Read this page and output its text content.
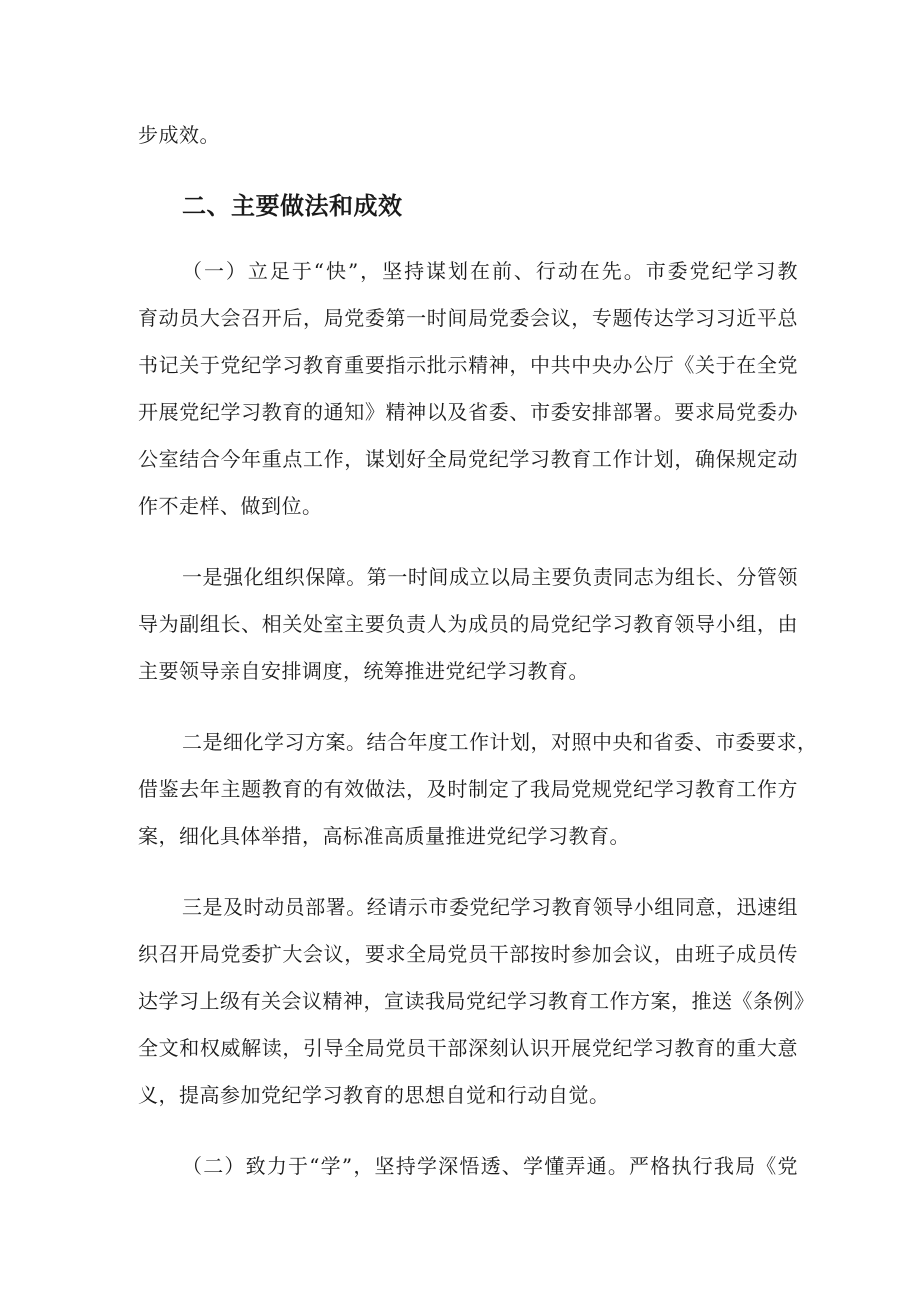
步成效。
二、主要做法和成效
（一）立足于“快”，坚持谋划在前、行动在先。市委党纪学习教
育动员大会召开后，局党委第一时间局党委会议，专题传达学习习近平总
书记关于党纪学习教育重要指示批示精神，中共中央办公厅《关于在全党
开展党纪学习教育的通知》精神以及省委、市委安排部署。要求局党委办
公室结合今年重点工作，谋划好全局党纪学习教育工作计划，确保规定动
作不走样、做到位。
一是强化组织保障。第一时间成立以局主要负责同志为组长、分管领
导为副组长、相关处室主要负责人为成员的局党纪学习教育领导小组，由
主要领导亲自安排调度，统筹推进党纪学习教育。
二是细化学习方案。结合年度工作计划，对照中央和省委、市委要求，
借鉴去年主题教育的有效做法，及时制定了我局党规党纪学习教育工作方
案，细化具体举措，高标准高质量推进党纪学习教育。
三是及时动员部署。经请示市委党纪学习教育领导小组同意，迅速组
织召开局党委扩大会议，要求全局党员干部按时参加会议，由班子成员传
达学习上级有关会议精神，宣读我局党纪学习教育工作方案，推送《条例》
全文和权威解读，引导全局党员干部深刻认识开展党纪学习教育的重大意
义，提高参加党纪学习教育的思想自觉和行动自觉。
（二）致力于“学”，坚持学深悟透、学懂弄通。严格执行我局《党
